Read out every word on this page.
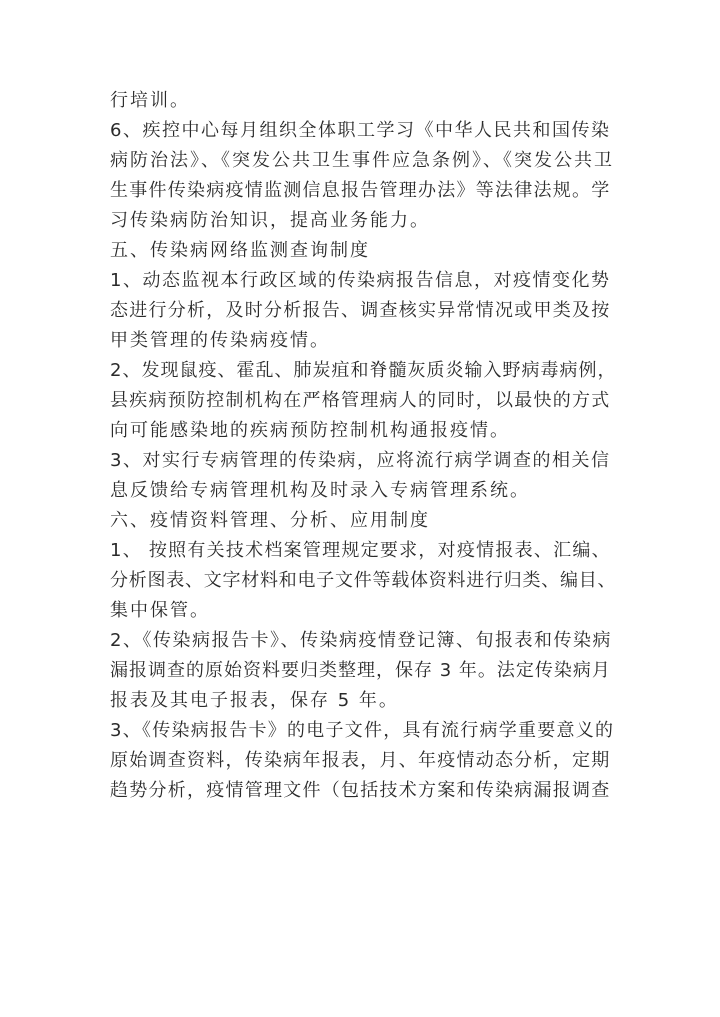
行培训。

6、疾控中心每月组织全体职工学习《中华人民共和国传染
病防治法》、《突发公共卫生事件应急条例》、《突发公共卫
生事件传染病疫情监测信息报告管理办法》等法律法规。学
习传染病防治知识，提高业务能力。

五、传染病网络监测查询制度

1、动态监视本行政区域的传染病报告信息，对疫情变化势
态进行分析，及时分析报告、调查核实异常情况或甲类及按
甲类管理的传染病疫情。

2、发现鼠疫、霍乱、肺炭疽和脊髓灰质炎输入野病毒病例，
县疾病预防控制机构在严格管理病人的同时，以最快的方式
向可能感染地的疾病预防控制机构通报疫情。

3、对实行专病管理的传染病，应将流行病学调查的相关信
息反馈给专病管理机构及时录入专病管理系统。

六、疫情资料管理、分析、应用制度

1、 按照有关技术档案管理规定要求，对疫情报表、汇编、
分析图表、文字材料和电子文件等载体资料进行归类、编目、
集中保管。

2、《传染病报告卡》、传染病疫情登记簿、旬报表和传染病
漏报调查的原始资料要归类整理，保存 3 年。法定传染病月
报表及其电子报表，保存 5 年。

3、《传染病报告卡》的电子文件，具有流行病学重要意义的
原始调查资料，传染病年报表，月、年疫情动态分析，定期
趋势分析，疫情管理文件（包括技术方案和传染病漏报调查
